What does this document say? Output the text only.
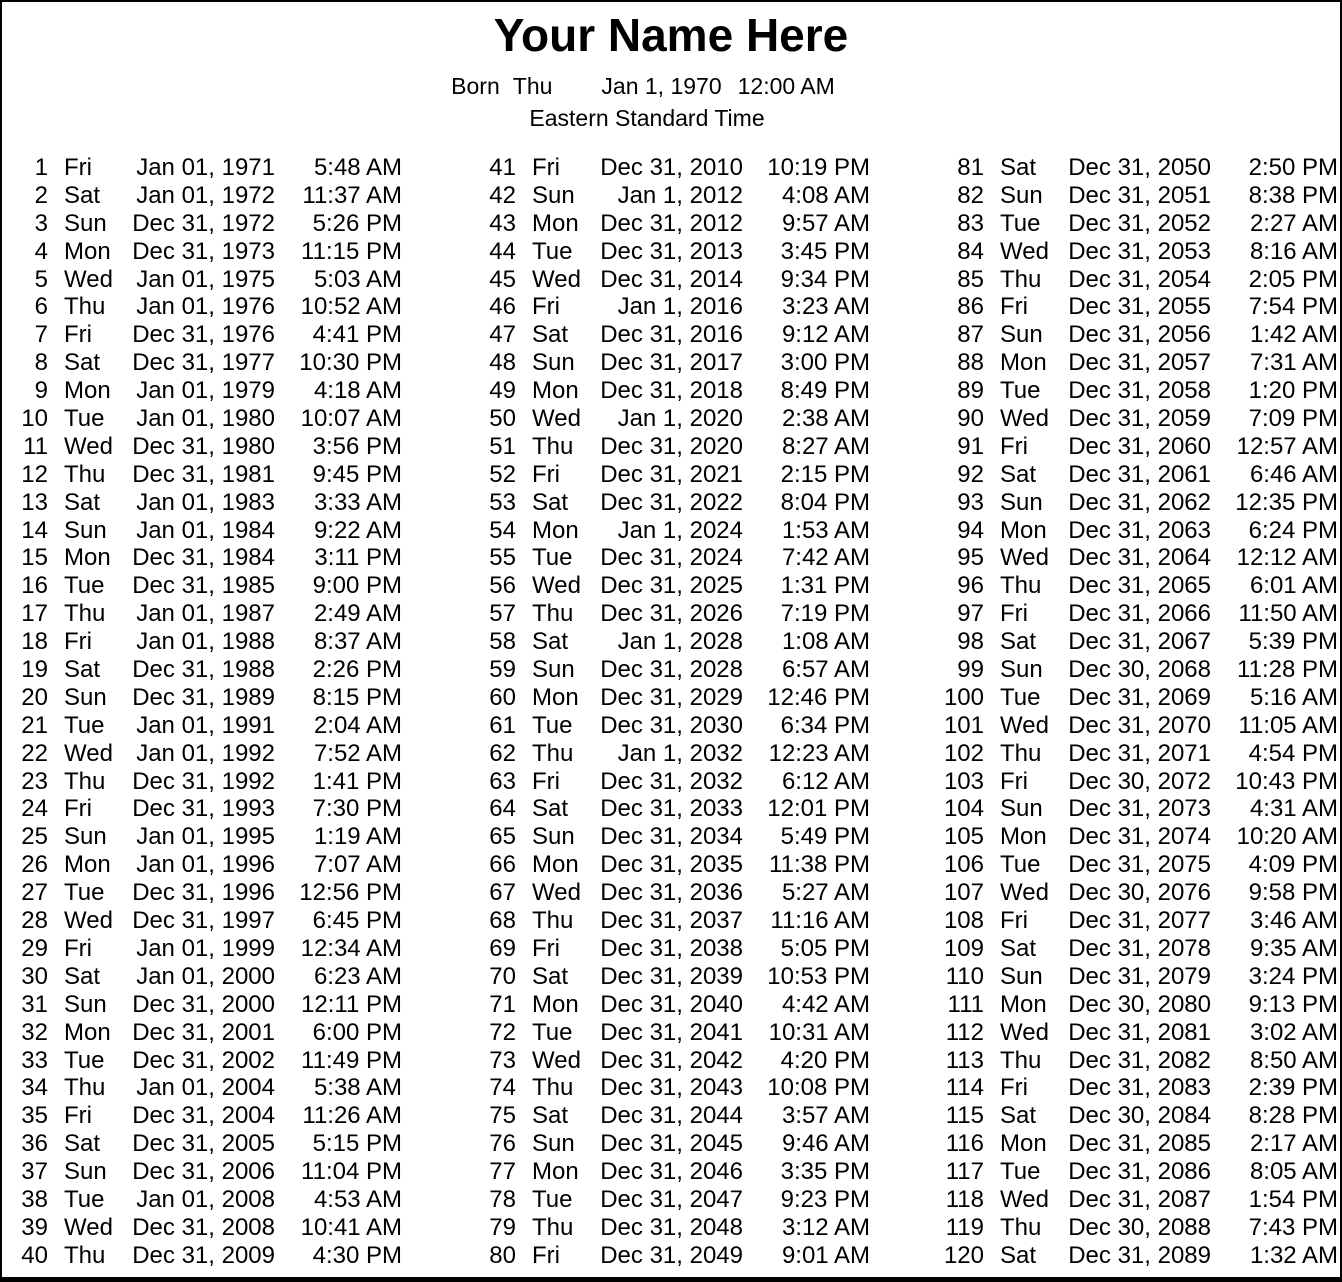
Your Name Here
Born Thu Jan 1, 1970 12:00 AM
Eastern Standard Time
1 Fri	Jan 01, 1971	5:48 AM
2 Sat	Jan 01, 1972	11:37 AM
3 Sun	Dec 31, 1972	5:26 PM
4 Mon Dec 31, 1973	11:15 PM
5 Wed Jan 01, 1975	5:03 AM
6 Thu	Jan 01, 1976	10:52 AM
7 Fri	Dec 31, 1976	4:41 PM
8 Sat	Dec 31, 1977	10:30 PM
9 Mon	Jan 01, 1979	4:18 AM
10 Tue	Jan 01, 1980	10:07 AM
11 Wed Dec 31, 1980	3:56 PM
12 Thu	Dec 31, 1981	9:45 PM
13 Sat	Jan 01, 1983	3:33 AM
14 Sun	Jan 01, 1984	9:22 AM
15 Mon Dec 31, 1984	3:11 PM
16 Tue	Dec 31, 1985	9:00 PM
17 Thu	Jan 01, 1987	2:49 AM
18 Fri	Jan 01, 1988	8:37 AM
19 Sat	Dec 31, 1988	2:26 PM
20 Sun	Dec 31, 1989	8:15 PM
21 Tue	Jan 01, 1991	2:04 AM
22 Wed Jan 01, 1992	7:52 AM
23 Thu	Dec 31, 1992	1:41 PM
24 Fri	Dec 31, 1993	7:30 PM
25 Sun	Jan 01, 1995	1:19 AM
26 Mon	Jan 01, 1996	7:07 AM
27 Tue	Dec 31, 1996	12:56 PM
28 Wed Dec 31, 1997	6:45 PM
29 Fri	Jan 01, 1999	12:34 AM
30 Sat	Jan 01, 2000	6:23 AM
31 Sun	Dec 31, 2000	12:11 PM
32 Mon Dec 31, 2001	6:00 PM
33 Tue	Dec 31, 2002	11:49 PM
34 Thu	Jan 01, 2004	5:38 AM
35 Fri	Dec 31, 2004	11:26 AM
36 Sat	Dec 31, 2005	5:15 PM
37 Sun	Dec 31, 2006	11:04 PM
38 Tue	Jan 01, 2008	4:53 AM
39 Wed Dec 31, 2008	10:41 AM
40 Thu	Dec 31, 2009	4:30 PM
41 Fri	Dec 31, 2010	10:19 PM
42 Sun	Jan 1, 2012	4:08 AM
43 Mon Dec 31, 2012	9:57 AM
44 Tue	Dec 31, 2013	3:45 PM
45 Wed Dec 31, 2014	9:34 PM
46 Fri	Jan 1, 2016	3:23 AM
47 Sat	Dec 31, 2016	9:12 AM
48 Sun	Dec 31, 2017	3:00 PM
49 Mon Dec 31, 2018	8:49 PM
50 Wed	Jan 1, 2020	2:38 AM
51 Thu	Dec 31, 2020	8:27 AM
52 Fri	Dec 31, 2021	2:15 PM
53 Sat	Dec 31, 2022	8:04 PM
54 Mon	Jan 1, 2024	1:53 AM
55 Tue	Dec 31, 2024	7:42 AM
56 Wed Dec 31, 2025	1:31 PM
57 Thu	Dec 31, 2026	7:19 PM
58 Sat	Jan 1, 2028	1:08 AM
59 Sun	Dec 31, 2028	6:57 AM
60 Mon Dec 31, 2029	12:46 PM
61 Tue	Dec 31, 2030	6:34 PM
62 Thu	Jan 1, 2032	12:23 AM
63 Fri	Dec 31, 2032	6:12 AM
64 Sat	Dec 31, 2033	12:01 PM
65 Sun	Dec 31, 2034	5:49 PM
66 Mon Dec 31, 2035	11:38 PM
67 Wed Dec 31, 2036	5:27 AM
68 Thu	Dec 31, 2037	11:16 AM
69 Fri	Dec 31, 2038	5:05 PM
70 Sat	Dec 31, 2039	10:53 PM
71 Mon Dec 31, 2040	4:42 AM
72 Tue	Dec 31, 2041	10:31 AM
73 Wed Dec 31, 2042	4:20 PM
74 Thu	Dec 31, 2043	10:08 PM
75 Sat	Dec 31, 2044	3:57 AM
76 Sun	Dec 31, 2045	9:46 AM
77 Mon Dec 31, 2046	3:35 PM
78 Tue	Dec 31, 2047	9:23 PM
79 Thu	Dec 31, 2048	3:12 AM
80 Fri	Dec 31, 2049	9:01 AM
81 Sat	Dec 31, 2050	2:50 PM
82 Sun	Dec 31, 2051	8:38 PM
83 Tue	Dec 31, 2052	2:27 AM
84 Wed Dec 31, 2053	8:16 AM
85 Thu	Dec 31, 2054	2:05 PM
86 Fri	Dec 31, 2055	7:54 PM
87 Sun	Dec 31, 2056	1:42 AM
88 Mon Dec 31, 2057	7:31 AM
89 Tue	Dec 31, 2058	1:20 PM
90 Wed Dec 31, 2059	7:09 PM
91 Fri	Dec 31, 2060	12:57 AM
92 Sat	Dec 31, 2061	6:46 AM
93 Sun	Dec 31, 2062	12:35 PM
94 Mon Dec 31, 2063	6:24 PM
95 Wed Dec 31, 2064	12:12 AM
96 Thu	Dec 31, 2065	6:01 AM
97 Fri	Dec 31, 2066	11:50 AM
98 Sat	Dec 31, 2067	5:39 PM
99 Sun	Dec 30, 2068	11:28 PM
100 Tue	Dec 31, 2069	5:16 AM
101 Wed Dec 31, 2070	11:05 AM
102 Thu	Dec 31, 2071	4:54 PM
103 Fri	Dec 30, 2072	10:43 PM
104 Sun	Dec 31, 2073	4:31 AM
105 Mon Dec 31, 2074	10:20 AM
106 Tue	Dec 31, 2075	4:09 PM
107 Wed Dec 30, 2076	9:58 PM
108 Fri	Dec 31, 2077	3:46 AM
109 Sat	Dec 31, 2078	9:35 AM
110 Sun	Dec 31, 2079	3:24 PM
111 Mon Dec 30, 2080	9:13 PM
112 Wed Dec 31, 2081	3:02 AM
113 Thu	Dec 31, 2082	8:50 AM
114 Fri	Dec 31, 2083	2:39 PM
115 Sat	Dec 30, 2084	8:28 PM
116 Mon Dec 31, 2085	2:17 AM
117 Tue	Dec 31, 2086	8:05 AM
118 Wed Dec 31, 2087	1:54 PM
119 Thu	Dec 30, 2088	7:43 PM
120 Sat	Dec 31, 2089	1:32 AM
